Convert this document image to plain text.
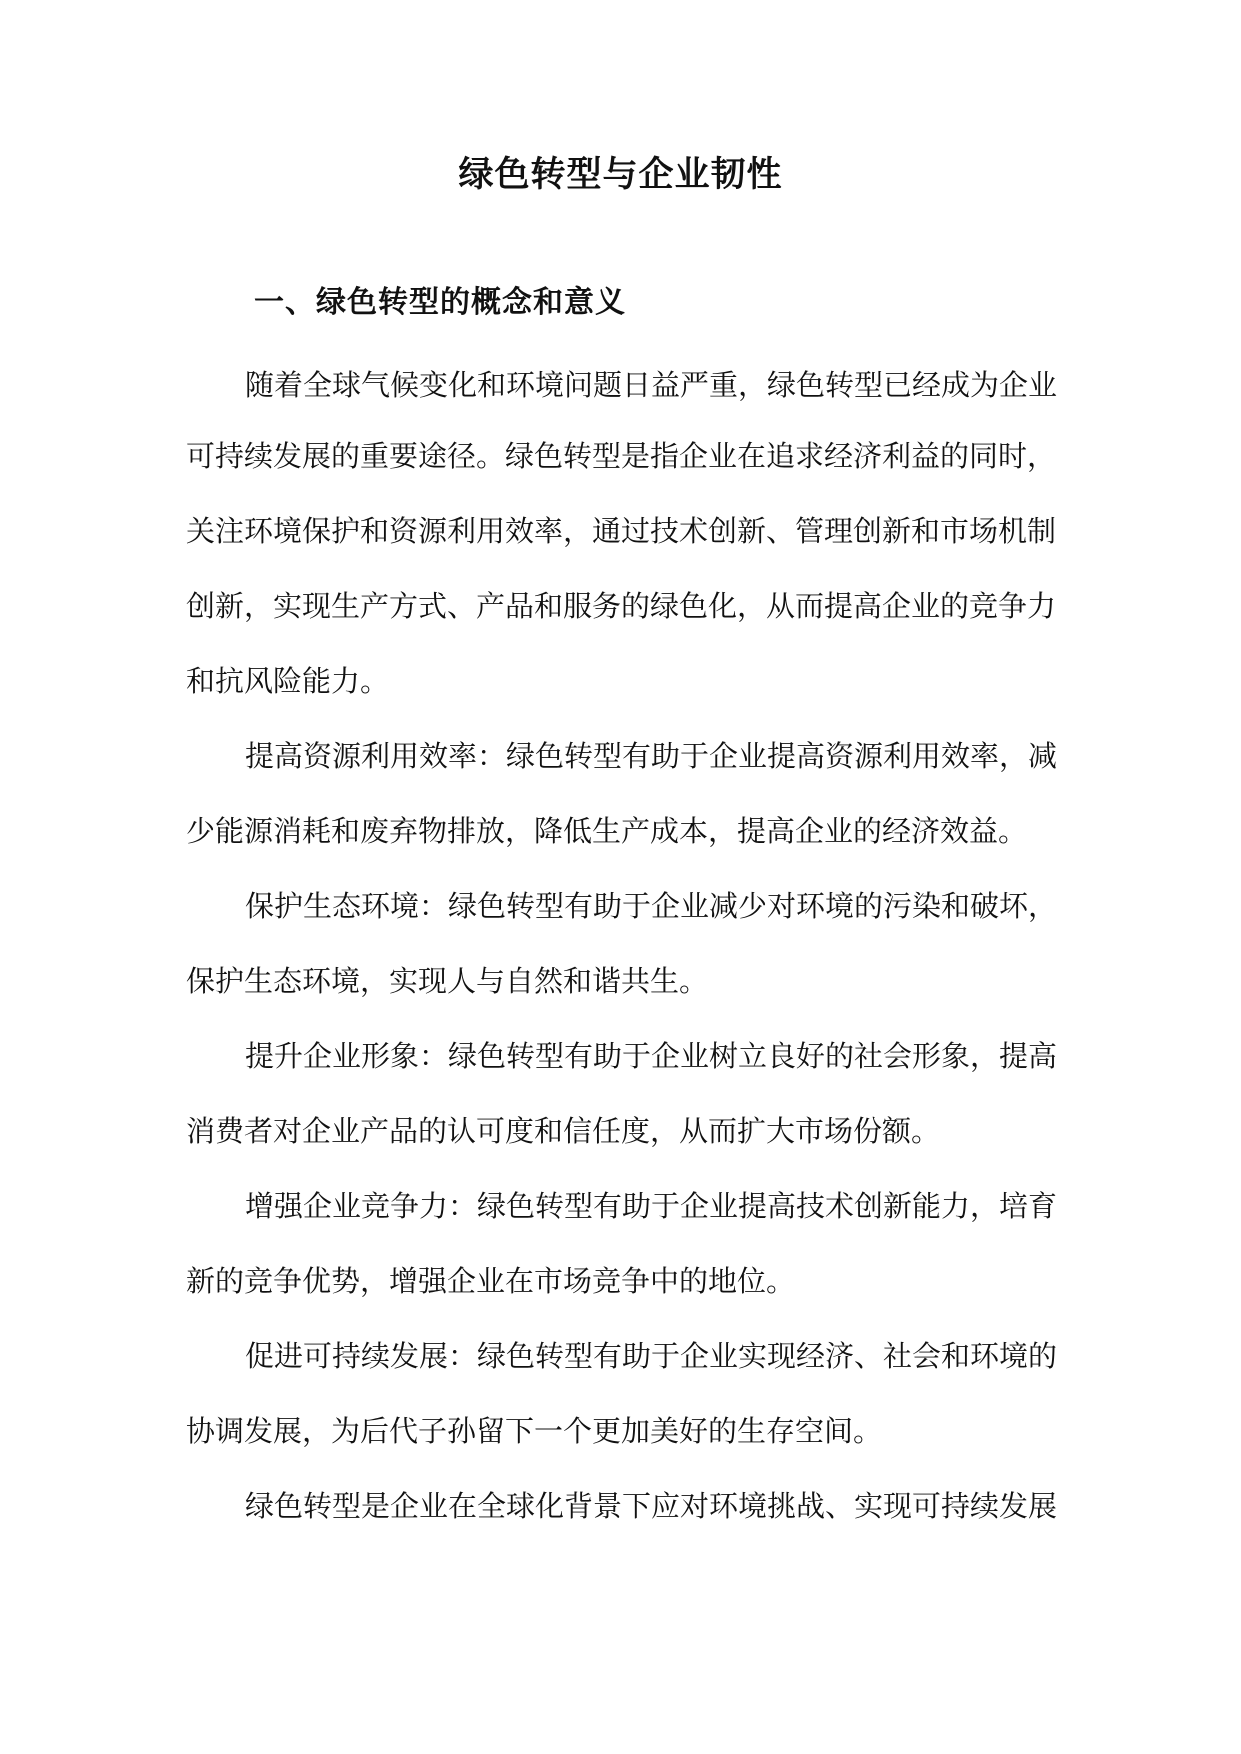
绿色转型与企业韧性
一、绿色转型的概念和意义

随着全球气候变化和环境问题日益严重，绿色转型已经成为企业

可持续发展的重要途径。绿色转型是指企业在追求经济利益的同时，

关注环境保护和资源利用效率，通过技术创新、管理创新和市场机制

创新，实现生产方式、产品和服务的绿色化，从而提高企业的竞争力

和抗风险能力。

提高资源利用效率：绿色转型有助于企业提高资源利用效率，减

少能源消耗和废弃物排放，降低生产成本，提高企业的经济效益。

保护生态环境：绿色转型有助于企业减少对环境的污染和破坏，

保护生态环境，实现人与自然和谐共生。

提升企业形象：绿色转型有助于企业树立良好的社会形象，提高

消费者对企业产品的认可度和信任度，从而扩大市场份额。

增强企业竞争力：绿色转型有助于企业提高技术创新能力，培育

新的竞争优势，增强企业在市场竞争中的地位。

促进可持续发展：绿色转型有助于企业实现经济、社会和环境的

协调发展，为后代子孙留下一个更加美好的生存空间。

绿色转型是企业在全球化背景下应对环境挑战、实现可持续发展
